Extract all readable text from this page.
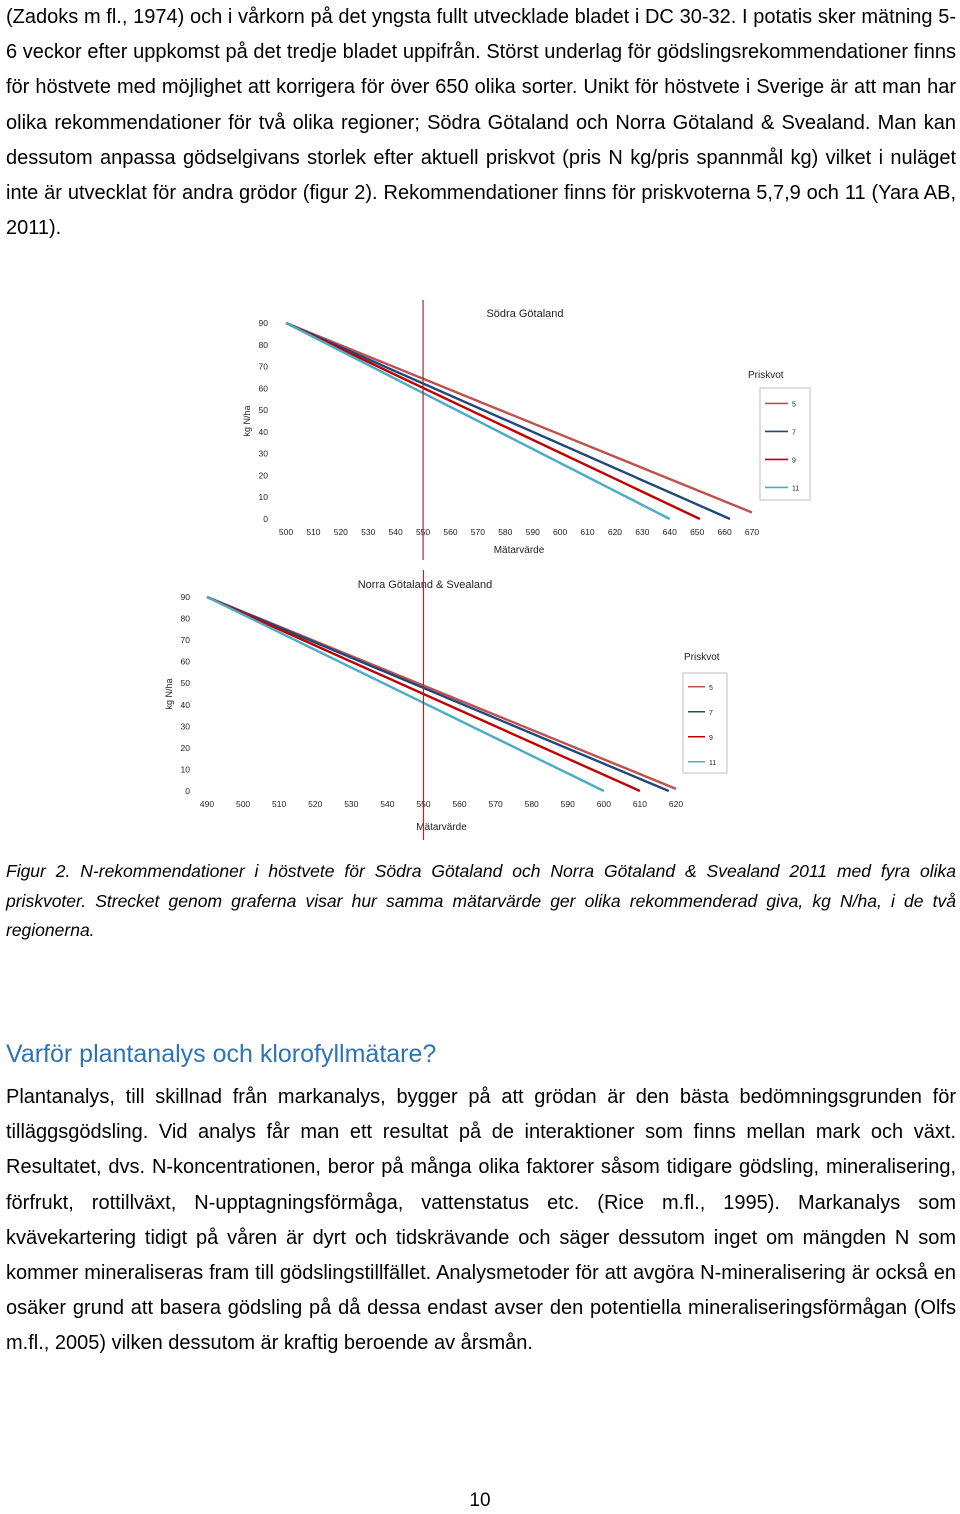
(Zadoks m fl., 1974) och i vårkorn på det yngsta fullt utvecklade bladet i DC 30-32. I potatis sker mätning 5-6 veckor efter uppkomst på det tredje bladet uppifrån. Störst underlag för gödslingsrekommendationer finns för höstvete med möjlighet att korrigera för över 650 olika sorter. Unikt för höstvete i Sverige är att man har olika rekommendationer för två olika regioner; Södra Götaland och Norra Götaland & Svealand. Man kan dessutom anpassa gödselgivans storlek efter aktuell priskvot (pris N kg/pris spannmål kg) vilket i nuläget inte är utvecklat för andra grödor (figur 2). Rekommendationer finns för priskvoterna 5,7,9 och 11 (Yara AB, 2011).

Södra Götaland
0
10
20
30
40
50
60
70
80
90
500 510 520 530 540 550 560 570 580 590 600 610 620 630 640 650 660 670
Mätarvärde
kg N/ha
Priskvot
5
7
9
11
Norra Götaland & Svealand
0
10
20
30
40
50
60
70
80
90
490	500	510	520	530	540	550	560	570	580	590	600	610	620
Mätarvärde
kg N/ha
Priskvot
5
7
9
11

Figur 2. N-rekommendationer i höstvete för Södra Götaland och Norra Götaland & Svealand 2011 med fyra olika priskvoter. Strecket genom graferna visar hur samma mätarvärde ger olika rekommenderad giva, kg N/ha, i de två regionerna.

Varför plantanalys och klorofyllmätare?

Plantanalys, till skillnad från markanalys, bygger på att grödan är den bästa bedömningsgrunden för tilläggsgödsling. Vid analys får man ett resultat på de interaktioner som finns mellan mark och växt. Resultatet, dvs. N-koncentrationen, beror på många olika faktorer såsom tidigare gödsling, mineralisering, förfrukt, rottillväxt, N-upptagningsförmåga, vattenstatus etc. (Rice m.fl., 1995). Markanalys som kvävekartering tidigt på våren är dyrt och tidskrävande och säger dessutom inget om mängden N som kommer mineraliseras fram till gödslingstillfället. Analysmetoder för att avgöra N-mineralisering är också en osäker grund att basera gödsling på då dessa endast avser den potentiella mineraliseringsförmågan (Olfs m.fl., 2005) vilken dessutom är kraftig beroende av årsmån.

10
